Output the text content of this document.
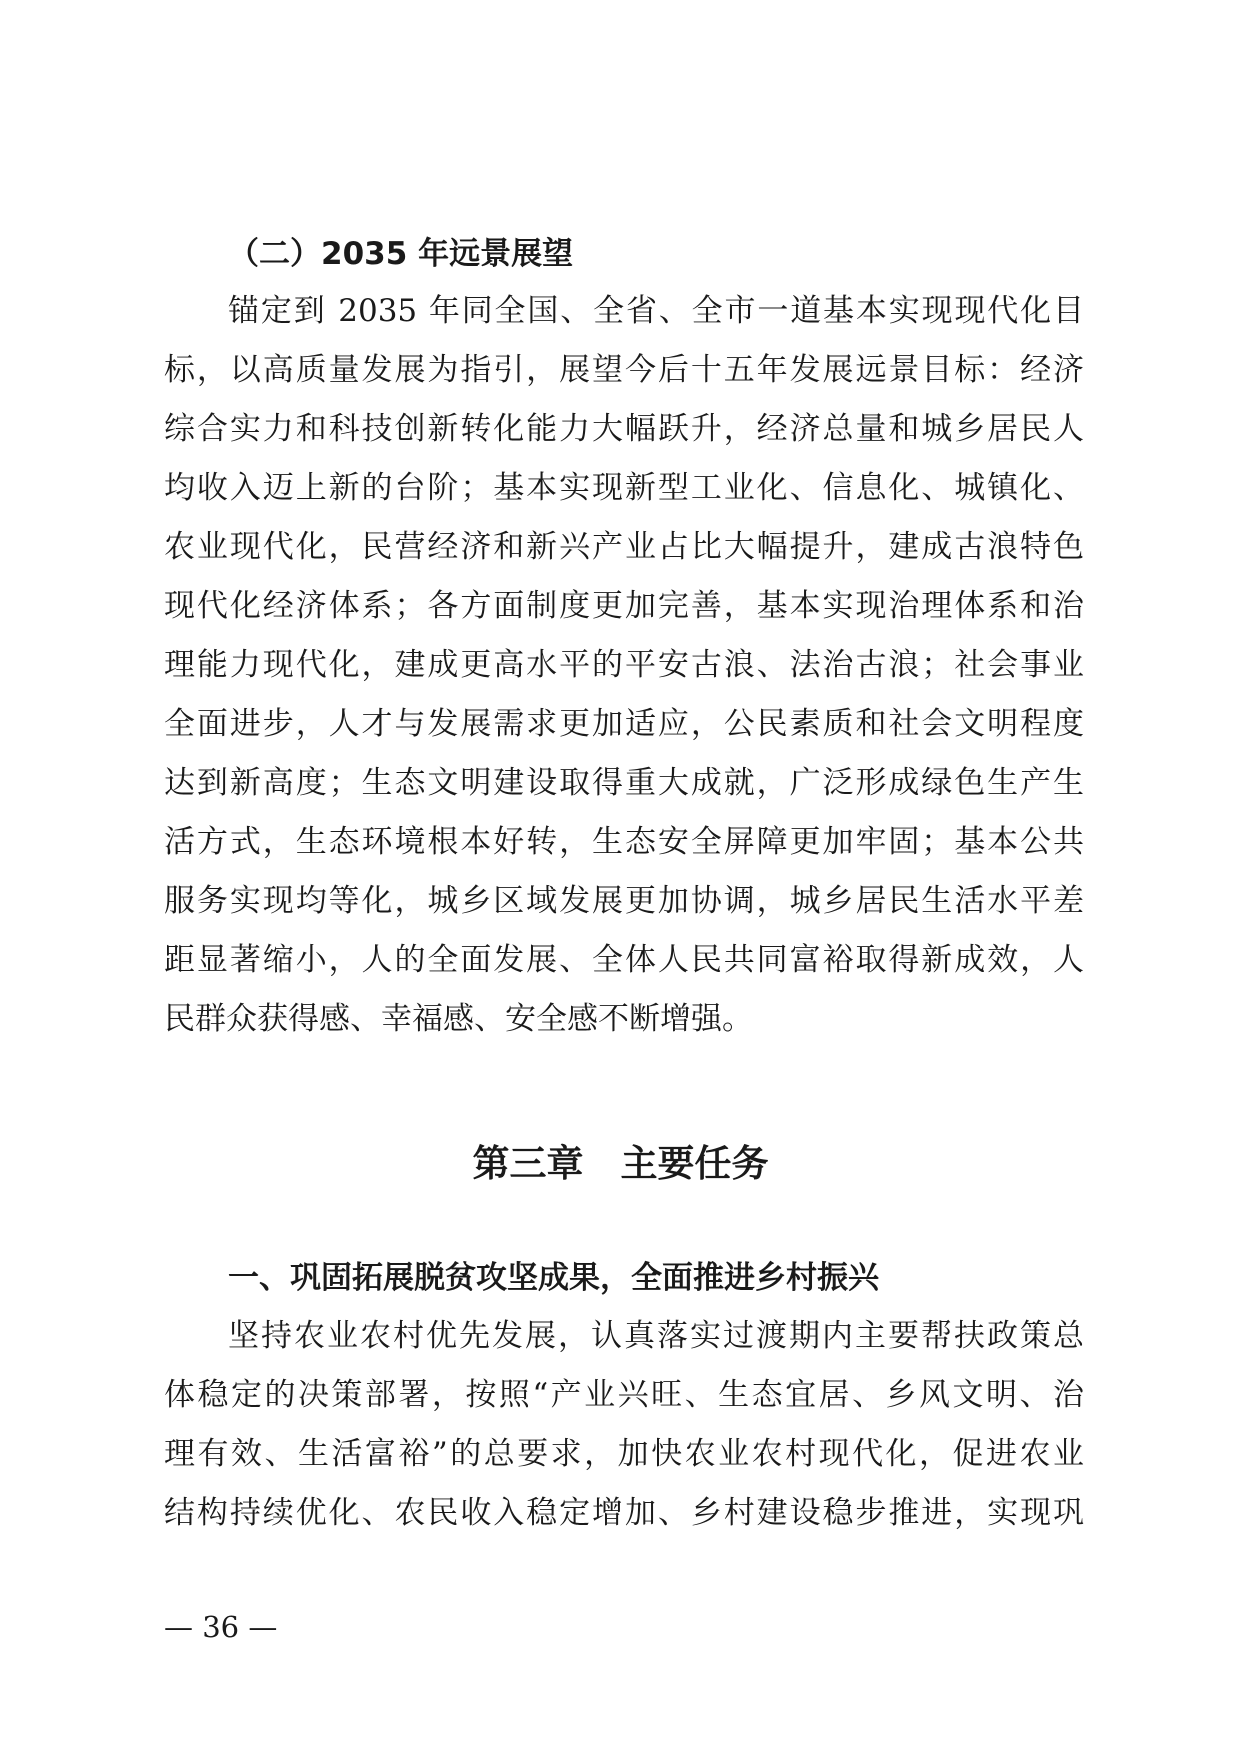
（二）2035 年远景展望
锚定到 2035 年同全国、全省、全市一道基本实现现代化目
标，以高质量发展为指引，展望今后十五年发展远景目标：经济
综合实力和科技创新转化能力大幅跃升，经济总量和城乡居民人
均收入迈上新的台阶；基本实现新型工业化、信息化、城镇化、
农业现代化，民营经济和新兴产业占比大幅提升，建成古浪特色
现代化经济体系；各方面制度更加完善，基本实现治理体系和治
理能力现代化，建成更高水平的平安古浪、法治古浪；社会事业
全面进步，人才与发展需求更加适应，公民素质和社会文明程度
达到新高度；生态文明建设取得重大成就，广泛形成绿色生产生
活方式，生态环境根本好转，生态安全屏障更加牢固；基本公共
服务实现均等化，城乡区域发展更加协调，城乡居民生活水平差
距显著缩小，人的全面发展、全体人民共同富裕取得新成效，人
民群众获得感、幸福感、安全感不断增强。
第三章　主要任务
一、巩固拓展脱贫攻坚成果，全面推进乡村振兴
坚持农业农村优先发展，认真落实过渡期内主要帮扶政策总
体稳定的决策部署，按照“产业兴旺、生态宜居、乡风文明、治
理有效、生活富裕”的总要求，加快农业农村现代化，促进农业
结构持续优化、农民收入稳定增加、乡村建设稳步推进，实现巩
— 36 —
